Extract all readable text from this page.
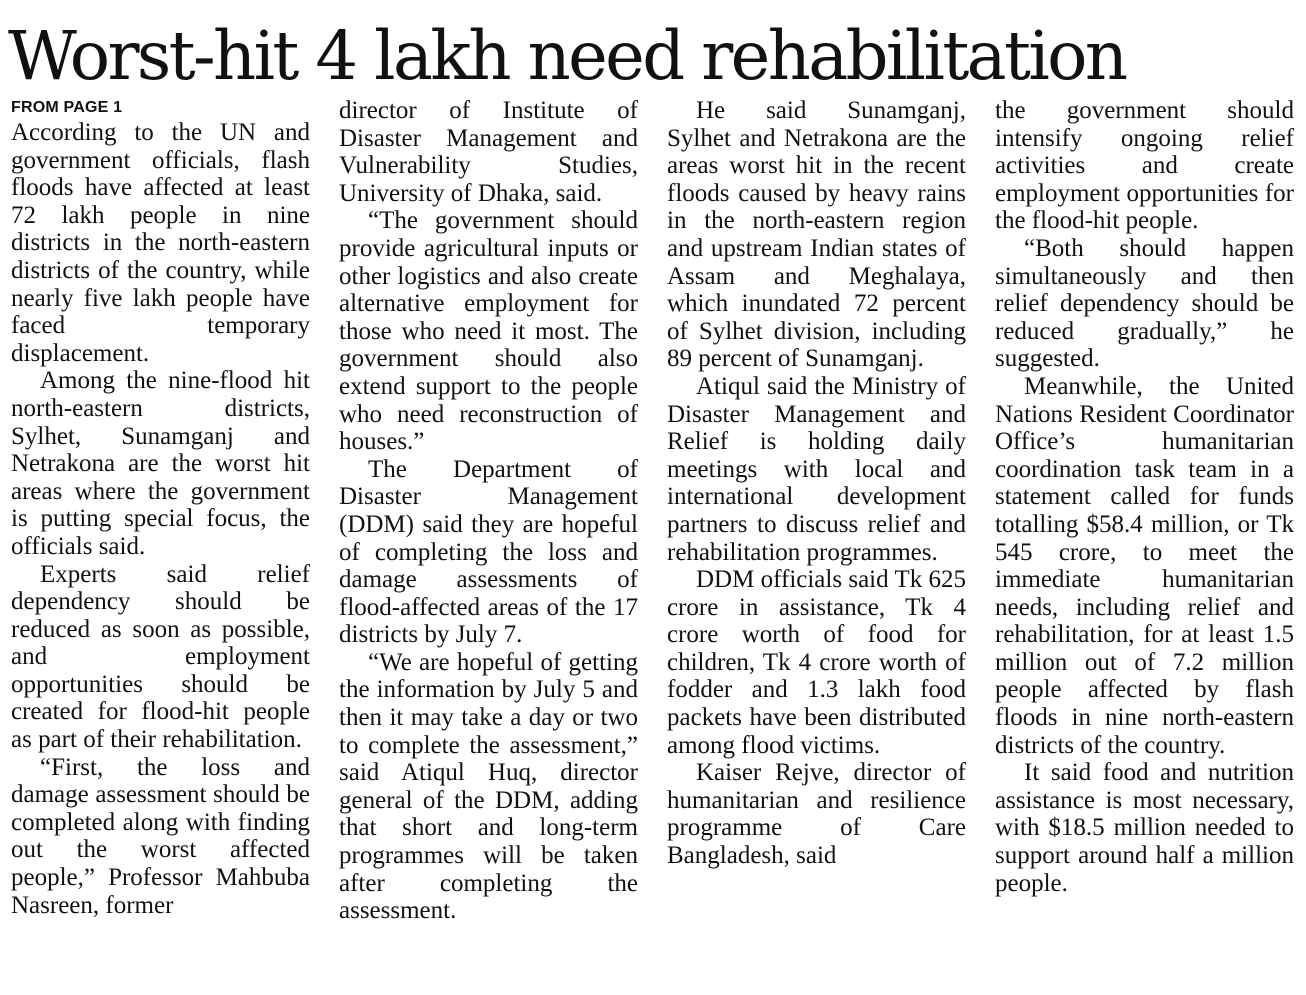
Worst-hit 4 lakh need rehabilitation
FROM PAGE 1

According to the UN and government officials, flash floods have affected at least 72 lakh people in nine districts in the north-eastern districts of the country, while nearly five lakh people have faced temporary displacement.

Among the nine-flood hit north-eastern districts, Sylhet, Sunamganj and Netrakona are the worst hit areas where the government is putting special focus, the officials said.

Experts said relief dependency should be reduced as soon as possible, and employment opportunities should be created for flood-hit people as part of their rehabilitation.

“First, the loss and damage assessment should be completed along with finding out the worst affected people,” Professor Mahbuba Nasreen, former

director of Institute of Disaster Management and Vulnerability Studies, University of Dhaka, said.

“The government should provide agricultural inputs or other logistics and also create alternative employment for those who need it most. The government should also extend support to the people who need reconstruction of houses.”

The Department of Disaster Management (DDM) said they are hopeful of completing the loss and damage assessments of flood-affected areas of the 17 districts by July 7.

“We are hopeful of getting the information by July 5 and then it may take a day or two to complete the assessment,” said Atiqul Huq, director general of the DDM, adding that short and long-term programmes will be taken after completing the assessment.

He said Sunamganj, Sylhet and Netrakona are the areas worst hit in the recent floods caused by heavy rains in the north-eastern region and upstream Indian states of Assam and Meghalaya, which inundated 72 percent of Sylhet division, including 89 percent of Sunamganj.

Atiqul said the Ministry of Disaster Management and Relief is holding daily meetings with local and international development partners to discuss relief and rehabilitation programmes.

DDM officials said Tk 625 crore in assistance, Tk 4 crore worth of food for children, Tk 4 crore worth of fodder and 1.3 lakh food packets have been distributed among flood victims.

Kaiser Rejve, director of humanitarian and resilience programme of Care Bangladesh, said

the government should intensify ongoing relief activities and create employment opportunities for the flood-hit people.

“Both should happen simultaneously and then relief dependency should be reduced gradually,” he suggested.

Meanwhile, the United Nations Resident Coordinator Office’s humanitarian coordination task team in a statement called for funds totalling $58.4 million, or Tk 545 crore, to meet the immediate humanitarian needs, including relief and rehabilitation, for at least 1.5 million out of 7.2 million people affected by flash floods in nine north-eastern districts of the country.

It said food and nutrition assistance is most necessary, with $18.5 million needed to support around half a million people.
